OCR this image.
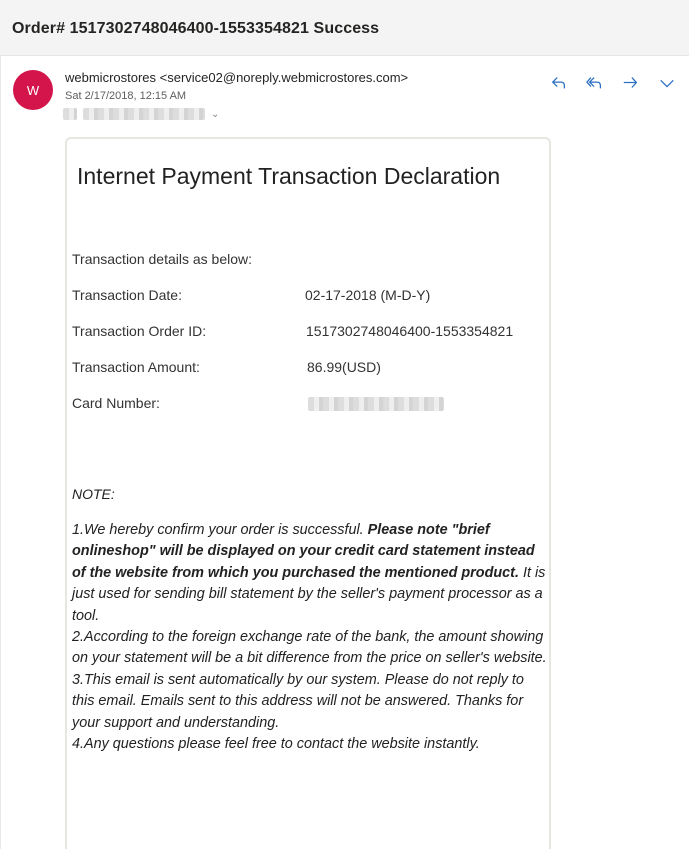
Order# 1517302748046400-1553354821 Success
W
webmicrostores <service02@noreply.webmicrostores.com>
Sat 2/17/2018, 12:15 AM
⌄
Internet Payment Transaction Declaration
Transaction details as below:
Transaction Date:	02-17-2018 (M-D-Y)
Transaction Order ID:	1517302748046400-1553354821
Transaction Amount:	86.99(USD)
Card Number:
NOTE:
1.We hereby confirm your order is successful. Please note "brief onlineshop" will be displayed on your credit card statement instead of the website from which you purchased the mentioned product. It is just used for sending bill statement by the seller's payment processor as a tool.
2.According to the foreign exchange rate of the bank, the amount showing on your statement will be a bit difference from the price on seller's website.
3.This email is sent automatically by our system. Please do not reply to this email. Emails sent to this address will not be answered. Thanks for your support and understanding.
4.Any questions please feel free to contact the website instantly.
